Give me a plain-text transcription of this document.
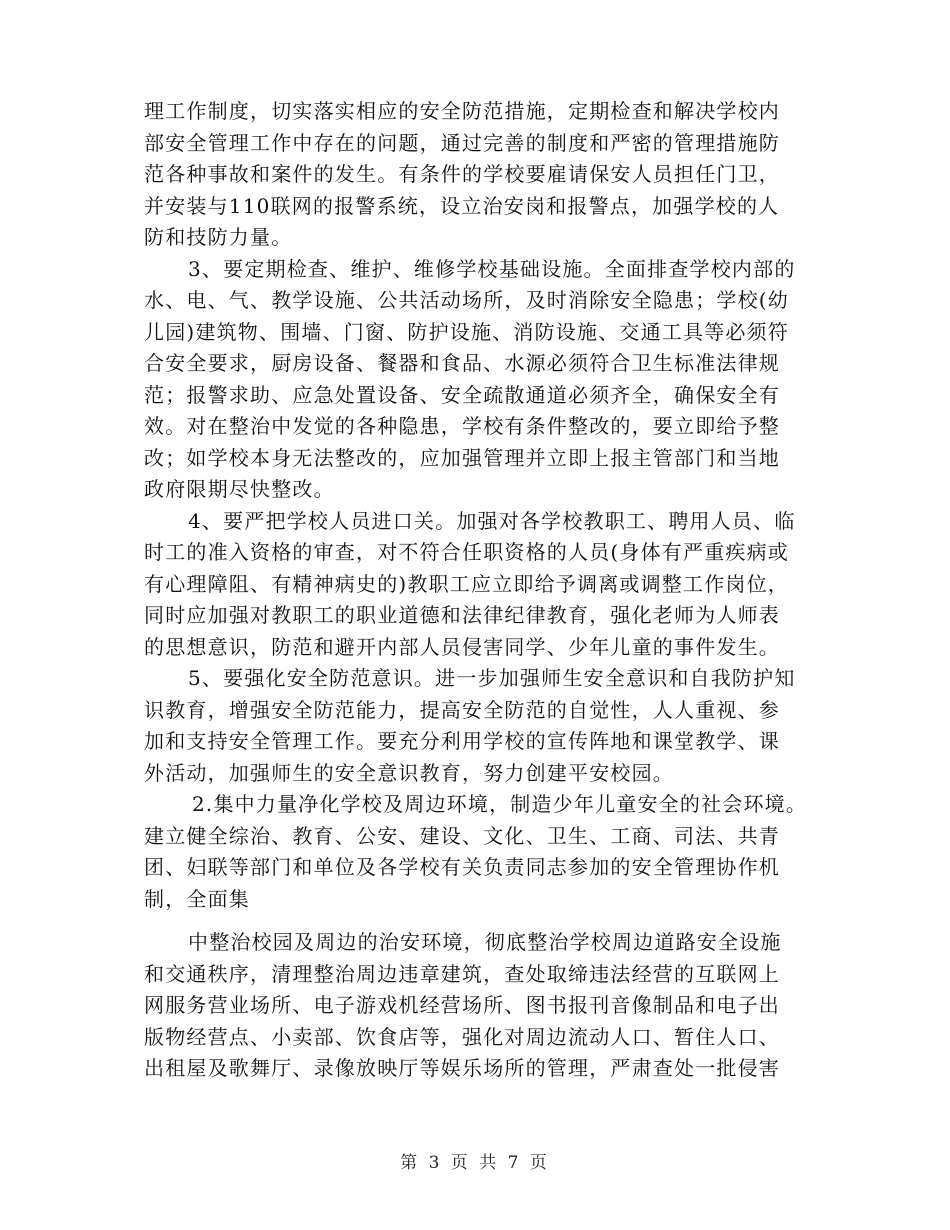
理工作制度，切实落实相应的安全防范措施，定期检查和解决学校内
部安全管理工作中存在的问题，通过完善的制度和严密的管理措施防
范各种事故和案件的发生。有条件的学校要雇请保安人员担任门卫，
并安装与110联网的报警系统，设立治安岗和报警点，加强学校的人
防和技防力量。
3、要定期检查、维护、维修学校基础设施。全面排查学校内部的
水、电、气、教学设施、公共活动场所，及时消除安全隐患；学校(幼
儿园)建筑物、围墙、门窗、防护设施、消防设施、交通工具等必须符
合安全要求，厨房设备、餐器和食品、水源必须符合卫生标准法律规
范；报警求助、应急处置设备、安全疏散通道必须齐全，确保安全有
效。对在整治中发觉的各种隐患，学校有条件整改的，要立即给予整
改；如学校本身无法整改的，应加强管理并立即上报主管部门和当地
政府限期尽快整改。
4、要严把学校人员进口关。加强对各学校教职工、聘用人员、临
时工的准入资格的审查，对不符合任职资格的人员(身体有严重疾病或
有心理障阻、有精神病史的)教职工应立即给予调离或调整工作岗位，
同时应加强对教职工的职业道德和法律纪律教育，强化老师为人师表
的思想意识，防范和避开内部人员侵害同学、少年儿童的事件发生。
5、要强化安全防范意识。进一步加强师生安全意识和自我防护知
识教育，增强安全防范能力，提高安全防范的自觉性，人人重视、参
加和支持安全管理工作。要充分利用学校的宣传阵地和课堂教学、课
外活动，加强师生的安全意识教育，努力创建平安校园。
2.集中力量净化学校及周边环境，制造少年儿童安全的社会环境。
建立健全综治、教育、公安、建设、文化、卫生、工商、司法、共青
团、妇联等部门和单位及各学校有关负责同志参加的安全管理协作机
制，全面集
中整治校园及周边的治安环境，彻底整治学校周边道路安全设施
和交通秩序，清理整治周边违章建筑，查处取缔违法经营的互联网上
网服务营业场所、电子游戏机经营场所、图书报刊音像制品和电子出
版物经营点、小卖部、饮食店等，强化对周边流动人口、暂住人口、
出租屋及歌舞厅、录像放映厅等娱乐场所的管理，严肃查处一批侵害
第 3 页 共 7 页
